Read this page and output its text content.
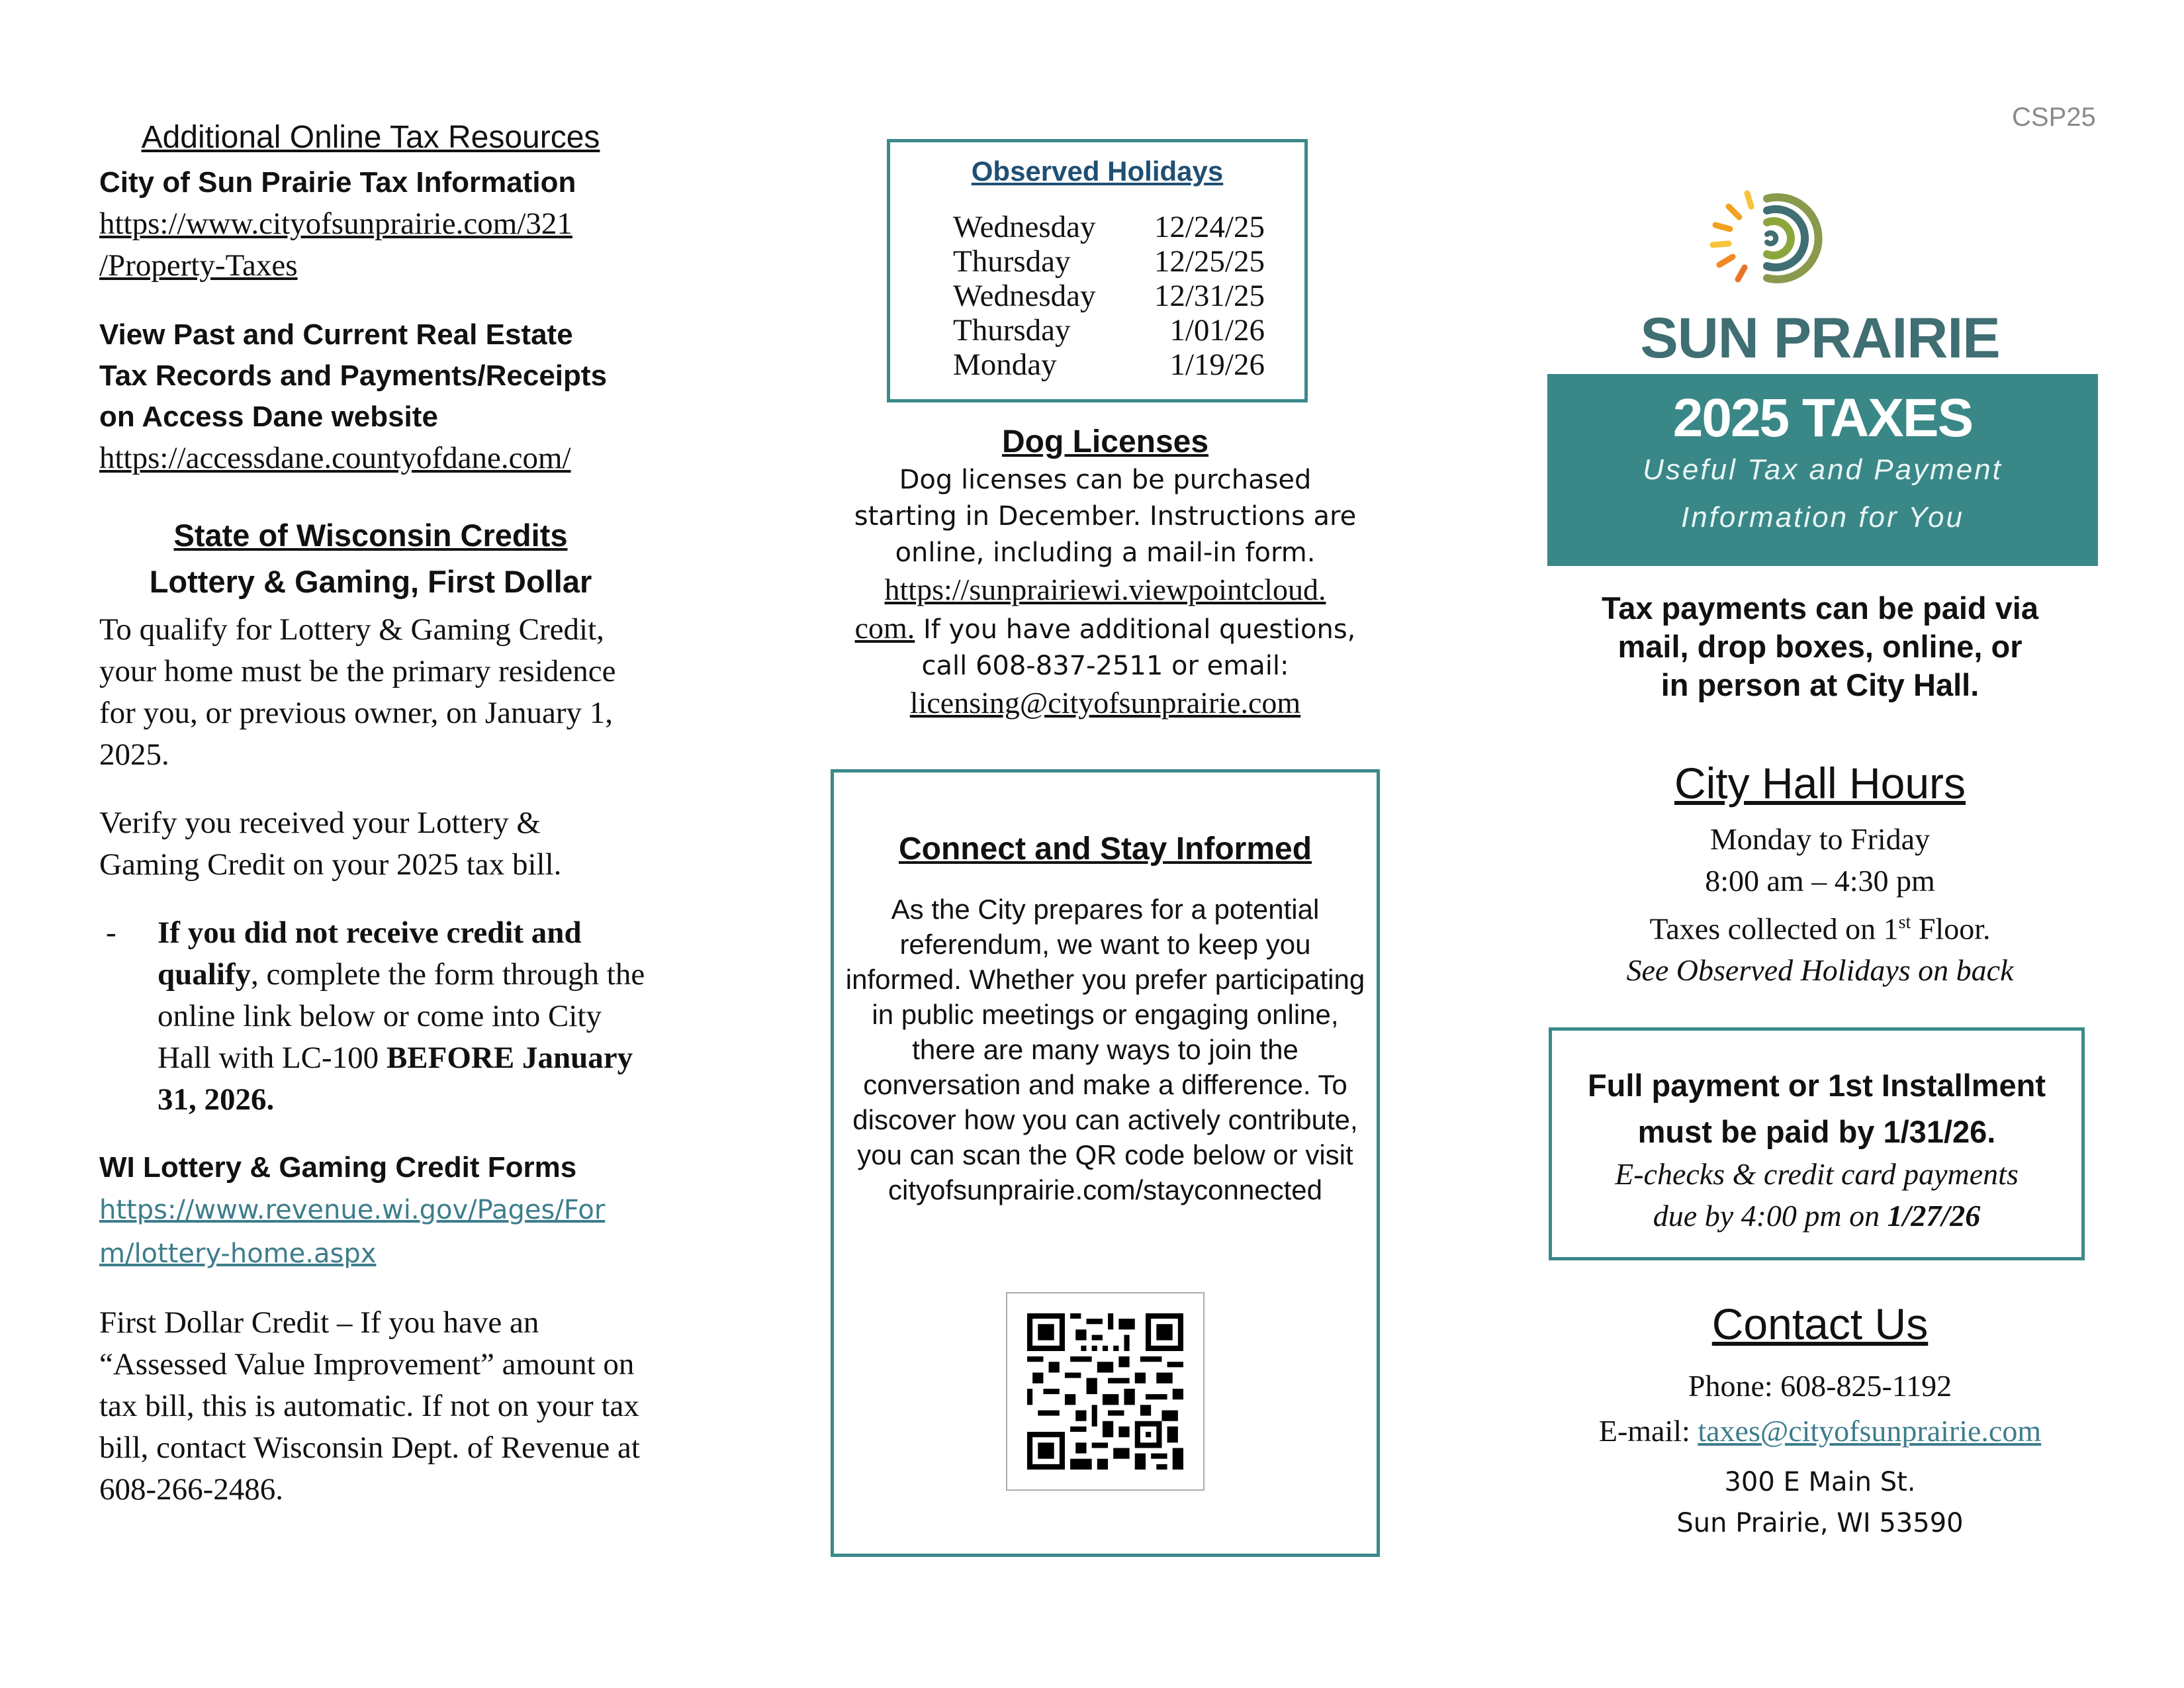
Additional Online Tax Resources
City of Sun Prairie Tax Information
https://www.cityofsunprairie.com/321
/Property-Taxes
View Past and Current Real Estate
Tax Records and Payments/Receipts
on Access Dane website
https://accessdane.countyofdane.com/
State of Wisconsin Credits
Lottery & Gaming, First Dollar

To qualify for Lottery & Gaming Credit, your home must be the primary residence for you, or previous owner, on January 1, 2025.

Verify you received your Lottery & Gaming Credit on your 2025 tax bill.

- If you did not receive credit and qualify, complete the form through the online link below or come into City Hall with LC-100 BEFORE January 31, 2026.
WI Lottery & Gaming Credit Forms
https://www.revenue.wi.gov/Pages/For
m/lottery-home.aspx

First Dollar Credit – If you have an “Assessed Value Improvement” amount on tax bill, this is automatic. If not on your tax bill, contact Wisconsin Dept. of Revenue at 608-266-2486.

Observed Holidays
Wednesday 12/24/25
Thursday	12/25/25
Wednesday 12/31/25
Thursday	1/01/26
Monday	1/19/26
Dog Licenses
Dog licenses can be purchased
starting in December. Instructions are
online, including a mail-in form.
https://sunprairiewi.viewpointcloud.
com. If you have additional questions,
call 608-837-2511 or email:
licensing@cityofsunprairie.com
Connect and Stay Informed
As the City prepares for a potential referendum, we want to keep you informed. Whether you prefer participating in public meetings or engaging online, there are many ways to join the conversation and make a difference. To discover how you can actively contribute, you can scan the QR code below or visit cityofsunprairie.com/stayconnected
CSP25
SUN PRAIRIE
2025 TAXES
Useful Tax and Payment
Information for You
Tax payments can be paid via
mail, drop boxes, online, or
in person at City Hall.
City Hall Hours
Monday to Friday
8:00 am – 4:30 pm
Taxes collected on 1st Floor.
See Observed Holidays on back
Full payment or 1st Installment
must be paid by 1/31/26.
E-checks & credit card payments
due by 4:00 pm on 1/27/26
Contact Us
Phone: 608-825-1192
E-mail: taxes@cityofsunprairie.com
300 E Main St.
Sun Prairie, WI 53590
